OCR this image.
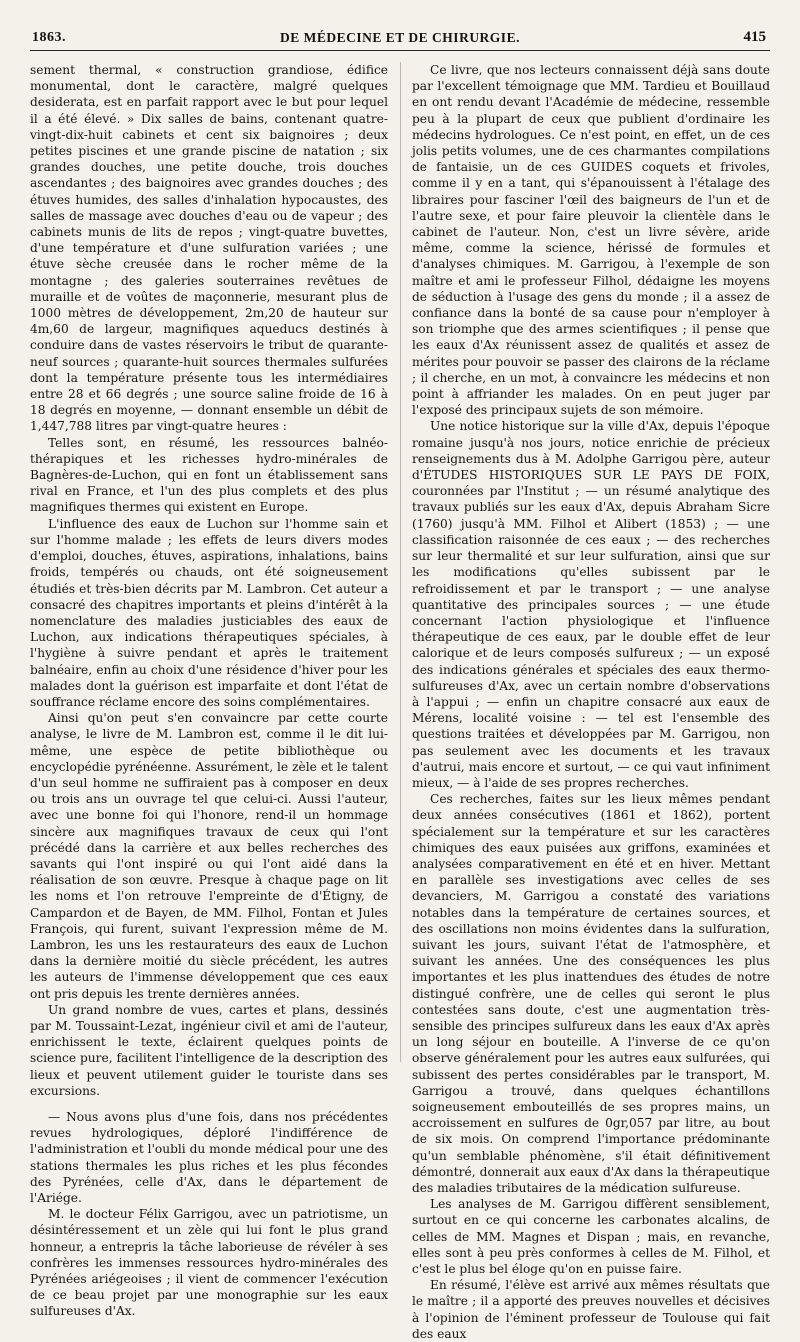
1863.	DE MÉDECINE ET DE CHIRURGIE.	415

sement thermal, « construction grandiose, édifice monumental, dont le caractère, malgré quelques desiderata, est en parfait rapport avec le but pour lequel il a été élevé. » Dix salles de bains, contenant quatre-vingt-dix-huit cabinets et cent six baignoires ; deux petites piscines et une grande piscine de natation ; six grandes douches, une petite douche, trois douches ascendantes ; des baignoires avec grandes douches ; des étuves humides, des salles d'inhalation hypocaustes, des salles de massage avec douches d'eau ou de vapeur ; des cabinets munis de lits de repos ; vingt-quatre buvettes, d'une température et d'une sulfuration variées ; une étuve sèche creusée dans le rocher même de la montagne ; des galeries souterraines revêtues de muraille et de voûtes de maçonnerie, mesurant plus de 1000 mètres de développement, 2m,20 de hauteur sur 4m,60 de largeur, magnifiques aqueducs destinés à conduire dans de vastes réservoirs le tribut de quarante-neuf sources ; quarante-huit sources thermales sulfurées dont la température présente tous les intermédiaires entre 28 et 66 degrés ; une source saline froide de 16 à 18 degrés en moyenne, — donnant ensemble un débit de 1,447,788 litres par vingt-quatre heures :

Telles sont, en résumé, les ressources balnéo-thérapiques et les richesses hydro-minérales de Bagnères-de-Luchon, qui en font un établissement sans rival en France, et l'un des plus complets et des plus magnifiques thermes qui existent en Europe.

L'influence des eaux de Luchon sur l'homme sain et sur l'homme malade ; les effets de leurs divers modes d'emploi, douches, étuves, aspirations, inhalations, bains froids, tempérés ou chauds, ont été soigneusement étudiés et très-bien décrits par M. Lambron. Cet auteur a consacré des chapitres importants et pleins d'intérêt à la nomenclature des maladies justiciables des eaux de Luchon, aux indications thérapeutiques spéciales, à l'hygiène à suivre pendant et après le traitement balnéaire, enfin au choix d'une résidence d'hiver pour les malades dont la guérison est imparfaite et dont l'état de souffrance réclame encore des soins complémentaires.

Ainsi qu'on peut s'en convaincre par cette courte analyse, le livre de M. Lambron est, comme il le dit lui-même, une espèce de petite bibliothèque ou encyclopédie pyrénéenne. Assurément, le zèle et le talent d'un seul homme ne suffiraient pas à composer en deux ou trois ans un ouvrage tel que celui-ci. Aussi l'auteur, avec une bonne foi qui l'honore, rend-il un hommage sincère aux magnifiques travaux de ceux qui l'ont précédé dans la carrière et aux belles recherches des savants qui l'ont inspiré ou qui l'ont aidé dans la réalisation de son œuvre. Presque à chaque page on lit les noms et l'on retrouve l'empreinte de d'Étigny, de Campardon et de Bayen, de MM. Filhol, Fontan et Jules François, qui furent, suivant l'expression même de M. Lambron, les uns les restaurateurs des eaux de Luchon dans la dernière moitié du siècle précédent, les autres les auteurs de l'immense développement que ces eaux ont pris depuis les trente dernières années.

Un grand nombre de vues, cartes et plans, dessinés par M. Toussaint-Lezat, ingénieur civil et ami de l'auteur, enrichissent le texte, éclairent quelques points de science pure, facilitent l'intelligence de la description des lieux et peuvent utilement guider le touriste dans ses excursions.

— Nous avons plus d'une fois, dans nos précédentes revues hydrologiques, déploré l'indifférence de l'administration et l'oubli du monde médical pour une des stations thermales les plus riches et les plus fécondes des Pyrénées, celle d'Ax, dans le département de l'Ariége.

M. le docteur Félix Garrigou, avec un patriotisme, un désintéressement et un zèle qui lui font le plus grand honneur, a entrepris la tâche laborieuse de révéler à ses confrères les immenses ressources hydro-minérales des Pyrénées ariégeoises ; il vient de commencer l'exécution de ce beau projet par une monographie sur les eaux sulfureuses d'Ax.

Ce livre, que nos lecteurs connaissent déjà sans doute par l'excellent témoignage que MM. Tardieu et Bouillaud en ont rendu devant l'Académie de médecine, ressemble peu à la plupart de ceux que publient d'ordinaire les médecins hydrologues. Ce n'est point, en effet, un de ces jolis petits volumes, une de ces charmantes compilations de fantaisie, un de ces GUIDES coquets et frivoles, comme il y en a tant, qui s'épanouissent à l'étalage des libraires pour fasciner l'œil des baigneurs de l'un et de l'autre sexe, et pour faire pleuvoir la clientèle dans le cabinet de l'auteur. Non, c'est un livre sévère, aride même, comme la science, hérissé de formules et d'analyses chimiques. M. Garrigou, à l'exemple de son maître et ami le professeur Filhol, dédaigne les moyens de séduction à l'usage des gens du monde ; il a assez de confiance dans la bonté de sa cause pour n'employer à son triomphe que des armes scientifiques ; il pense que les eaux d'Ax réunissent assez de qualités et assez de mérites pour pouvoir se passer des clairons de la réclame ; il cherche, en un mot, à convaincre les médecins et non point à affriander les malades. On en peut juger par l'exposé des principaux sujets de son mémoire.

Une notice historique sur la ville d'Ax, depuis l'époque romaine jusqu'à nos jours, notice enrichie de précieux renseignements dus à M. Adolphe Garrigou père, auteur d'ÉTUDES HISTORIQUES SUR LE PAYS DE FOIX, couronnées par l'Institut ; — un résumé analytique des travaux publiés sur les eaux d'Ax, depuis Abraham Sicre (1760) jusqu'à MM. Filhol et Alibert (1853) ; — une classification raisonnée de ces eaux ; — des recherches sur leur thermalité et sur leur sulfuration, ainsi que sur les modifications qu'elles subissent par le refroidissement et par le transport ; — une analyse quantitative des principales sources ; — une étude concernant l'action physiologique et l'influence thérapeutique de ces eaux, par le double effet de leur calorique et de leurs composés sulfureux ; — un exposé des indications générales et spéciales des eaux thermo-sulfureuses d'Ax, avec un certain nombre d'observations à l'appui ; — enfin un chapitre consacré aux eaux de Mérens, localité voisine : — tel est l'ensemble des questions traitées et développées par M. Garrigou, non pas seulement avec les documents et les travaux d'autrui, mais encore et surtout, — ce qui vaut infiniment mieux, — à l'aide de ses propres recherches.

Ces recherches, faites sur les lieux mêmes pendant deux années consécutives (1861 et 1862), portent spécialement sur la température et sur les caractères chimiques des eaux puisées aux griffons, examinées et analysées comparativement en été et en hiver. Mettant en parallèle ses investigations avec celles de ses devanciers, M. Garrigou a constaté des variations notables dans la température de certaines sources, et des oscillations non moins évidentes dans la sulfuration, suivant les jours, suivant l'état de l'atmosphère, et suivant les années. Une des conséquences les plus importantes et les plus inattendues des études de notre distingué confrère, une de celles qui seront le plus contestées sans doute, c'est une augmentation très-sensible des principes sulfureux dans les eaux d'Ax après un long séjour en bouteille. A l'inverse de ce qu'on observe généralement pour les autres eaux sulfurées, qui subissent des pertes considérables par le transport, M. Garrigou a trouvé, dans quelques échantillons soigneusement embouteillés de ses propres mains, un accroissement en sulfures de 0gr,057 par litre, au bout de six mois. On comprend l'importance prédominante qu'un semblable phénomène, s'il était définitivement démontré, donnerait aux eaux d'Ax dans la thérapeutique des maladies tributaires de la médication sulfureuse.

Les analyses de M. Garrigou diffèrent sensiblement, surtout en ce qui concerne les carbonates alcalins, de celles de MM. Magnes et Dispan ; mais, en revanche, elles sont à peu près conformes à celles de M. Filhol, et c'est le plus bel éloge qu'on en puisse faire.

En résumé, l'élève est arrivé aux mêmes résultats que le maître ; il a apporté des preuves nouvelles et décisives à l'opinion de l'éminent professeur de Toulouse qui fait des eaux
